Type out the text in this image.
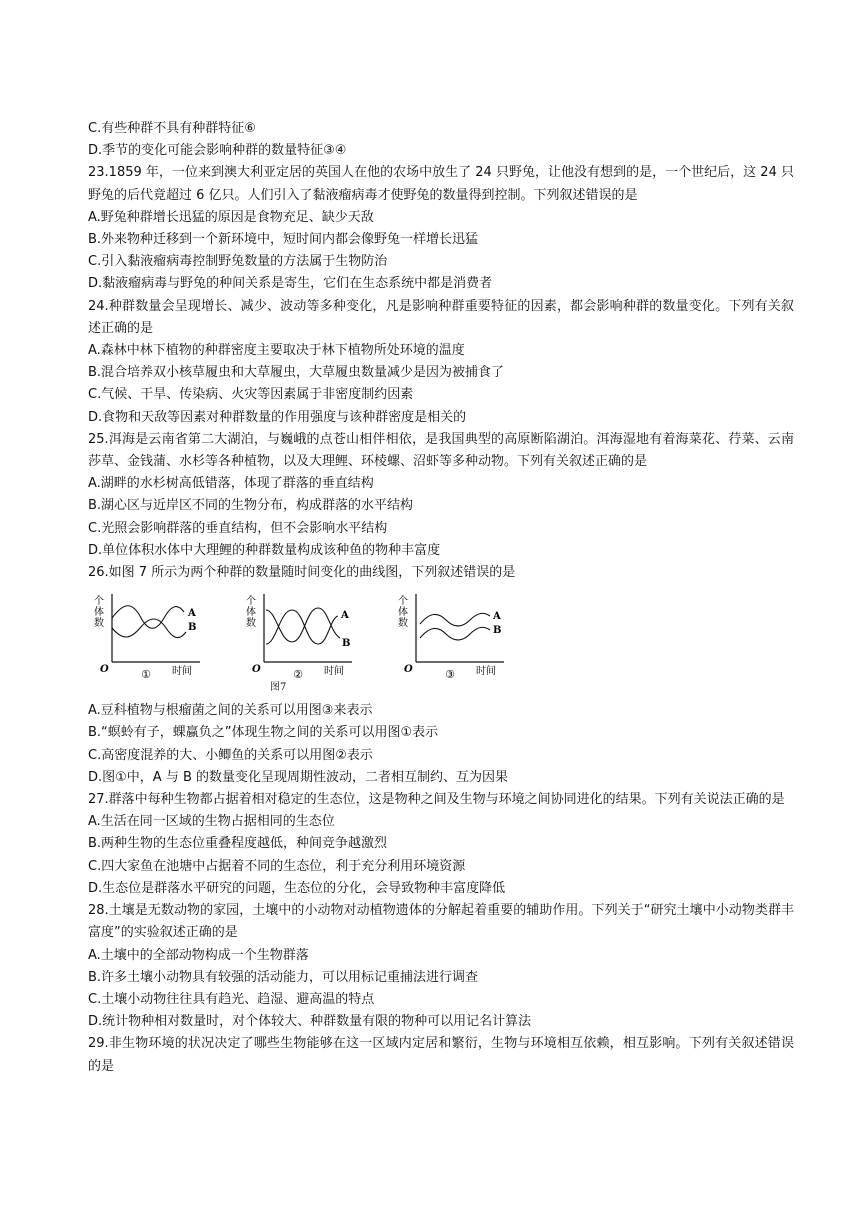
C.有些种群不具有种群特征⑥
D.季节的变化可能会影响种群的数量特征③④
23.1859 年，一位来到澳大利亚定居的英国人在他的农场中放生了 24 只野兔，让他没有想到的是，一个世纪后，这 24 只野兔的后代竟超过 6 亿只。人们引入了黏液瘤病毒才使野兔的数量得到控制。下列叙述错误的是
A.野兔种群增长迅猛的原因是食物充足、缺少天敌
B.外来物种迁移到一个新环境中，短时间内都会像野兔一样增长迅猛
C.引入黏液瘤病毒控制野兔数量的方法属于生物防治
D.黏液瘤病毒与野兔的种间关系是寄生，它们在生态系统中都是消费者
24.种群数量会呈现增长、减少、波动等多种变化，凡是影响种群重要特征的因素，都会影响种群的数量变化。下列有关叙述正确的是
A.森林中林下植物的种群密度主要取决于林下植物所处环境的温度
B.混合培养双小核草履虫和大草履虫，大草履虫数量减少是因为被捕食了
C.气候、干旱、传染病、火灾等因素属于非密度制约因素
D.食物和天敌等因素对种群数量的作用强度与该种群密度是相关的
25.洱海是云南省第二大湖泊，与巍峨的点苍山相伴相依，是我国典型的高原断陷湖泊。洱海湿地有着海菜花、荇菜、云南莎草、金钱蒲、水杉等各种植物，以及大理鲤、环棱螺、沼虾等多种动物。下列有关叙述正确的是
A.湖畔的水杉树高低错落，体现了群落的垂直结构
B.湖心区与近岸区不同的生物分布，构成群落的水平结构
C.光照会影响群落的垂直结构，但不会影响水平结构
D.单位体积水体中大理鲤的种群数量构成该种鱼的物种丰富度
26.如图 7 所示为两个种群的数量随时间变化的曲线图，下列叙述错误的是
个
体
数
A
B
O	时间
①
个
体
数
A
B
O	时间
②
个
体
数
A
B
O	时间
③
图7
A.豆科植物与根瘤菌之间的关系可以用图③来表示
B.“螟蛉有子，蜾蠃负之”体现生物之间的关系可以用图①表示
C.高密度混养的大、小鲫鱼的关系可以用图②表示
D.图①中，A 与 B 的数量变化呈现周期性波动，二者相互制约、互为因果
27.群落中每种生物都占据着相对稳定的生态位，这是物种之间及生物与环境之间协同进化的结果。下列有关说法正确的是
A.生活在同一区域的生物占据相同的生态位
B.两种生物的生态位重叠程度越低，种间竞争越激烈
C.四大家鱼在池塘中占据着不同的生态位，利于充分利用环境资源
D.生态位是群落水平研究的问题，生态位的分化，会导致物种丰富度降低
28.土壤是无数动物的家园，土壤中的小动物对动植物遗体的分解起着重要的辅助作用。下列关于“研究土壤中小动物类群丰富度”的实验叙述正确的是
A.土壤中的全部动物构成一个生物群落
B.许多土壤小动物具有较强的活动能力，可以用标记重捕法进行调查
C.土壤小动物往往具有趋光、趋湿、避高温的特点
D.统计物种相对数量时，对个体较大、种群数量有限的物种可以用记名计算法
29.非生物环境的状况决定了哪些生物能够在这一区域内定居和繁衍，生物与环境相互依赖，相互影响。下列有关叙述错误的是
